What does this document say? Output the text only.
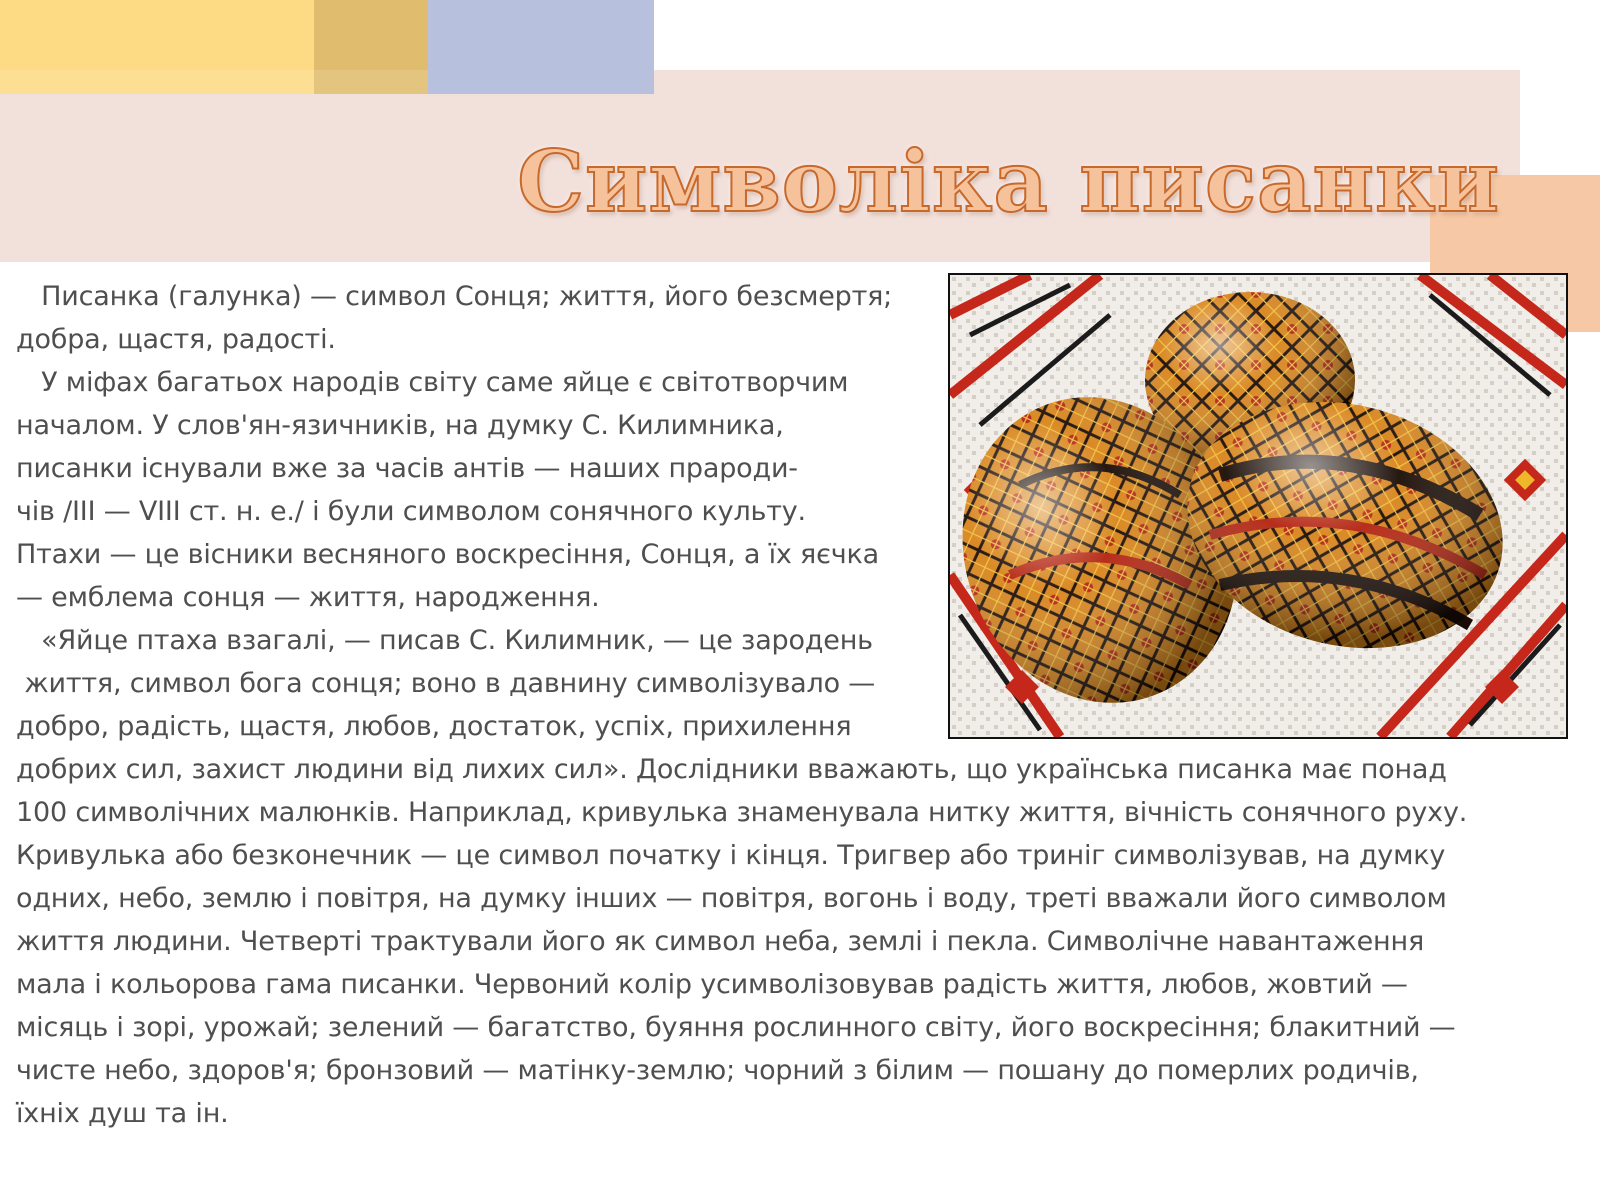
Символіка писанки

Писанка (галунка) — символ Сонця; життя, його безсмертя;

добра, щастя, радості.

У міфах багатьох народів світу саме яйце є світотворчим

началом. У слов'ян-язичників, на думку С. Килимника,

писанки існували вже за часів антів — наших прароди-

чів /III — VIII ст. н. е./ і були символом сонячного культу.

Птахи — це вісники весняного воскресіння, Сонця, а їх яєчка

— емблема сонця — життя, народження.

«Яйце птаха взагалі, — писав С. Килимник, — це зародень

життя, символ бога сонця; воно в давнину символізувало —

добро, радість, щастя, любов, достаток, успіх, прихилення

добрих сил, захист людини від лихих сил». Дослідники вважають, що українська писанка має понад

100 символічних малюнків. Наприклад, кривулька знаменувала нитку життя, вічність сонячного руху.

Кривулька або безконечник — це символ початку і кінця. Тригвер або триніг символізував, на думку

одних, небо, землю і повітря, на думку інших — повітря, вогонь і воду, треті вважали його символом

життя людини. Четверті трактували його як символ неба, землі і пекла. Символічне навантаження

мала і кольорова гама писанки. Червоний колір усимволізовував радість життя, любов, жовтий —

місяць і зорі, урожай; зелений — багатство, буяння рослинного світу, його воскресіння; блакитний —

чисте небо, здоров'я; бронзовий — матінку-землю; чорний з білим — пошану до померлих родичів,

їхніх душ та ін.
